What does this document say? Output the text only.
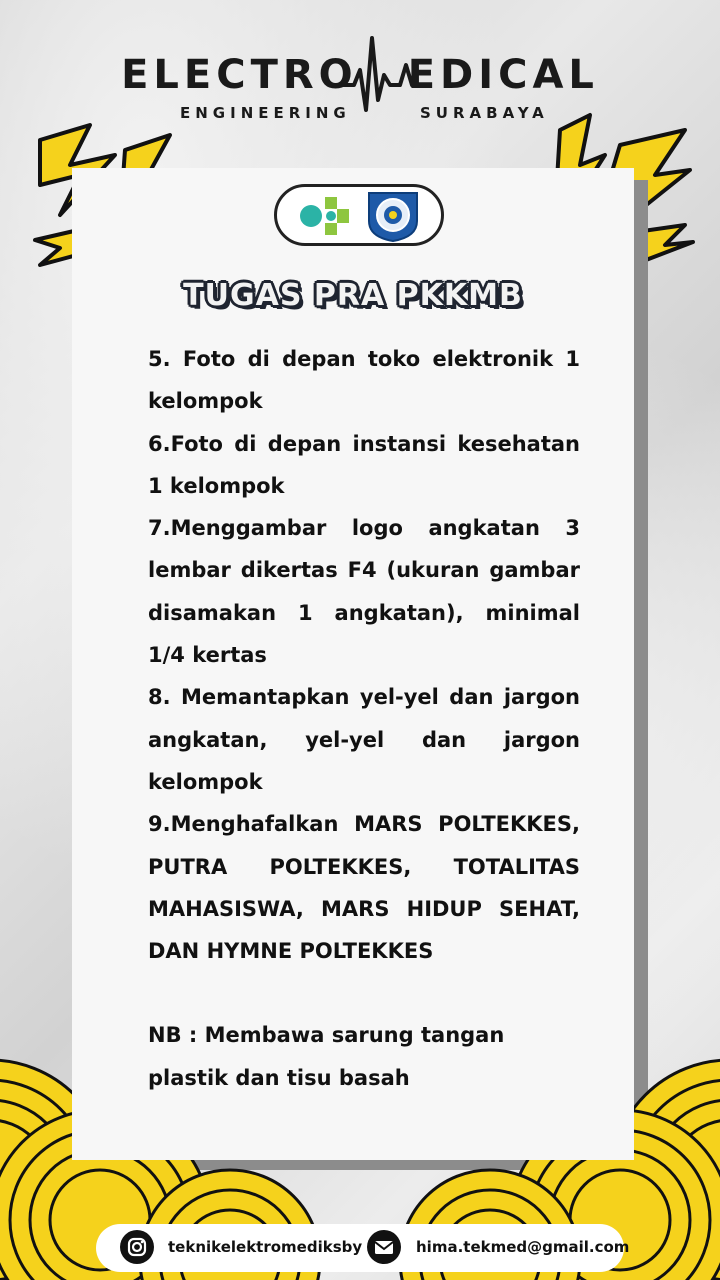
ELECTRO EDICAL
ENGINEERING	SURABAYA
TUGAS PRA PKKMB

5. Foto di depan toko elektronik 1 kelompok

6.Foto di depan instansi kesehatan 1 kelompok

7.Menggambar logo angkatan 3 lembar dikertas F4 (ukuran gambar disamakan 1 angkatan), minimal 1/4 kertas

8. Memantapkan yel-yel dan jargon angkatan, yel-yel dan jargon kelompok

9.Menghafalkan MARS POLTEKKES, PUTRA POLTEKKES, TOTALITAS MAHASISWA, MARS HIDUP SEHAT, DAN HYMNE POLTEKKES

NB : Membawa sarung tangan plastik dan tisu basah

teknikelektromediksby	hima.tekmed@gmail.com
